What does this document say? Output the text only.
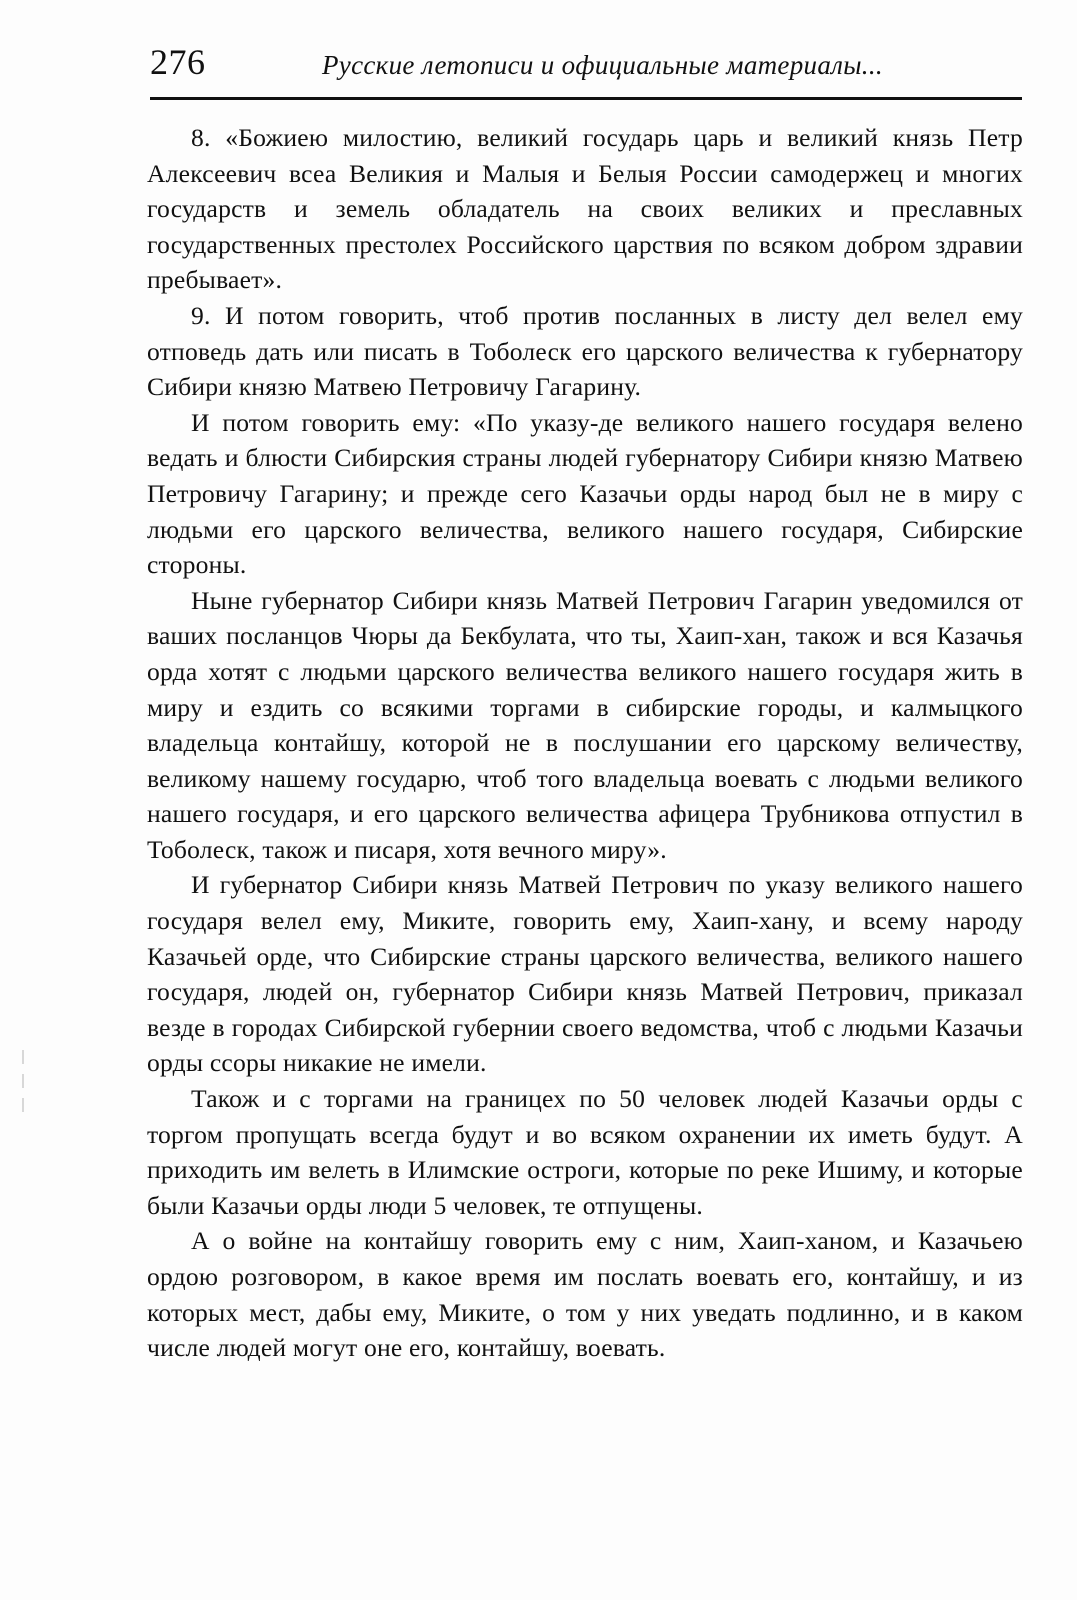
276	Русские летописи и официальные материалы...

8. «Божиею милостию, великий государь царь и великий князь Петр Алексеевич всеа Великия и Малыя и Белыя России самодержец и многих государств и земель обладатель на своих великих и преславных государственных престолех Российского царствия по всяком добром здравии пребывает».

9. И потом говорить, чтоб против посланных в листу дел велел ему отповедь дать или писать в Тоболеск его царского величества к губернатору Сибири князю Матвею Петровичу Гагарину.

И потом говорить ему: «По указу-де великого нашего государя велено ведать и блюсти Сибирския страны людей губернатору Сибири князю Матвею Петровичу Гагарину; и прежде сего Казачьи орды народ был не в миру с людьми его царского величества, великого нашего государя, Сибирские стороны.

Ныне губернатор Сибири князь Матвей Петрович Гагарин уведомился от ваших посланцов Чюры да Бекбулата, что ты, Хаип-хан, також и вся Казачья орда хотят с людьми царского величества великого нашего государя жить в миру и ездить со всякими торгами в сибирские городы, и калмыцкого владельца контайшу, которой не в послушании его царскому величеству, великому нашему государю, чтоб того владельца воевать с людьми великого нашего государя, и его царского величества афицера Трубникова отпустил в Тоболеск, також и писаря, хотя вечного миру».

И губернатор Сибири князь Матвей Петрович по указу великого нашего государя велел ему, Миките, говорить ему, Хаип-хану, и всему народу Казачьей орде, что Сибирские страны царского величества, великого нашего государя, людей он, губернатор Сибири князь Матвей Петрович, приказал везде в городах Сибирской губернии своего ведомства, чтоб с людьми Казачьи орды ссоры никакие не имели.

Також и с торгами на границех по 50 человек людей Казачьи орды с торгом пропущать всегда будут и во всяком охранении их иметь будут. А приходить им велеть в Илимские остроги, которые по реке Ишиму, и которые были Казачьи орды люди 5 человек, те отпущены.

А о войне на контайшу говорить ему с ним, Хаип-ханом, и Казачьею ордою розговором, в какое время им послать воевать его, контайшу, и из которых мест, дабы ему, Миките, о том у них уведать подлинно, и в каком числе людей могут оне его, контайшу, воевать.
